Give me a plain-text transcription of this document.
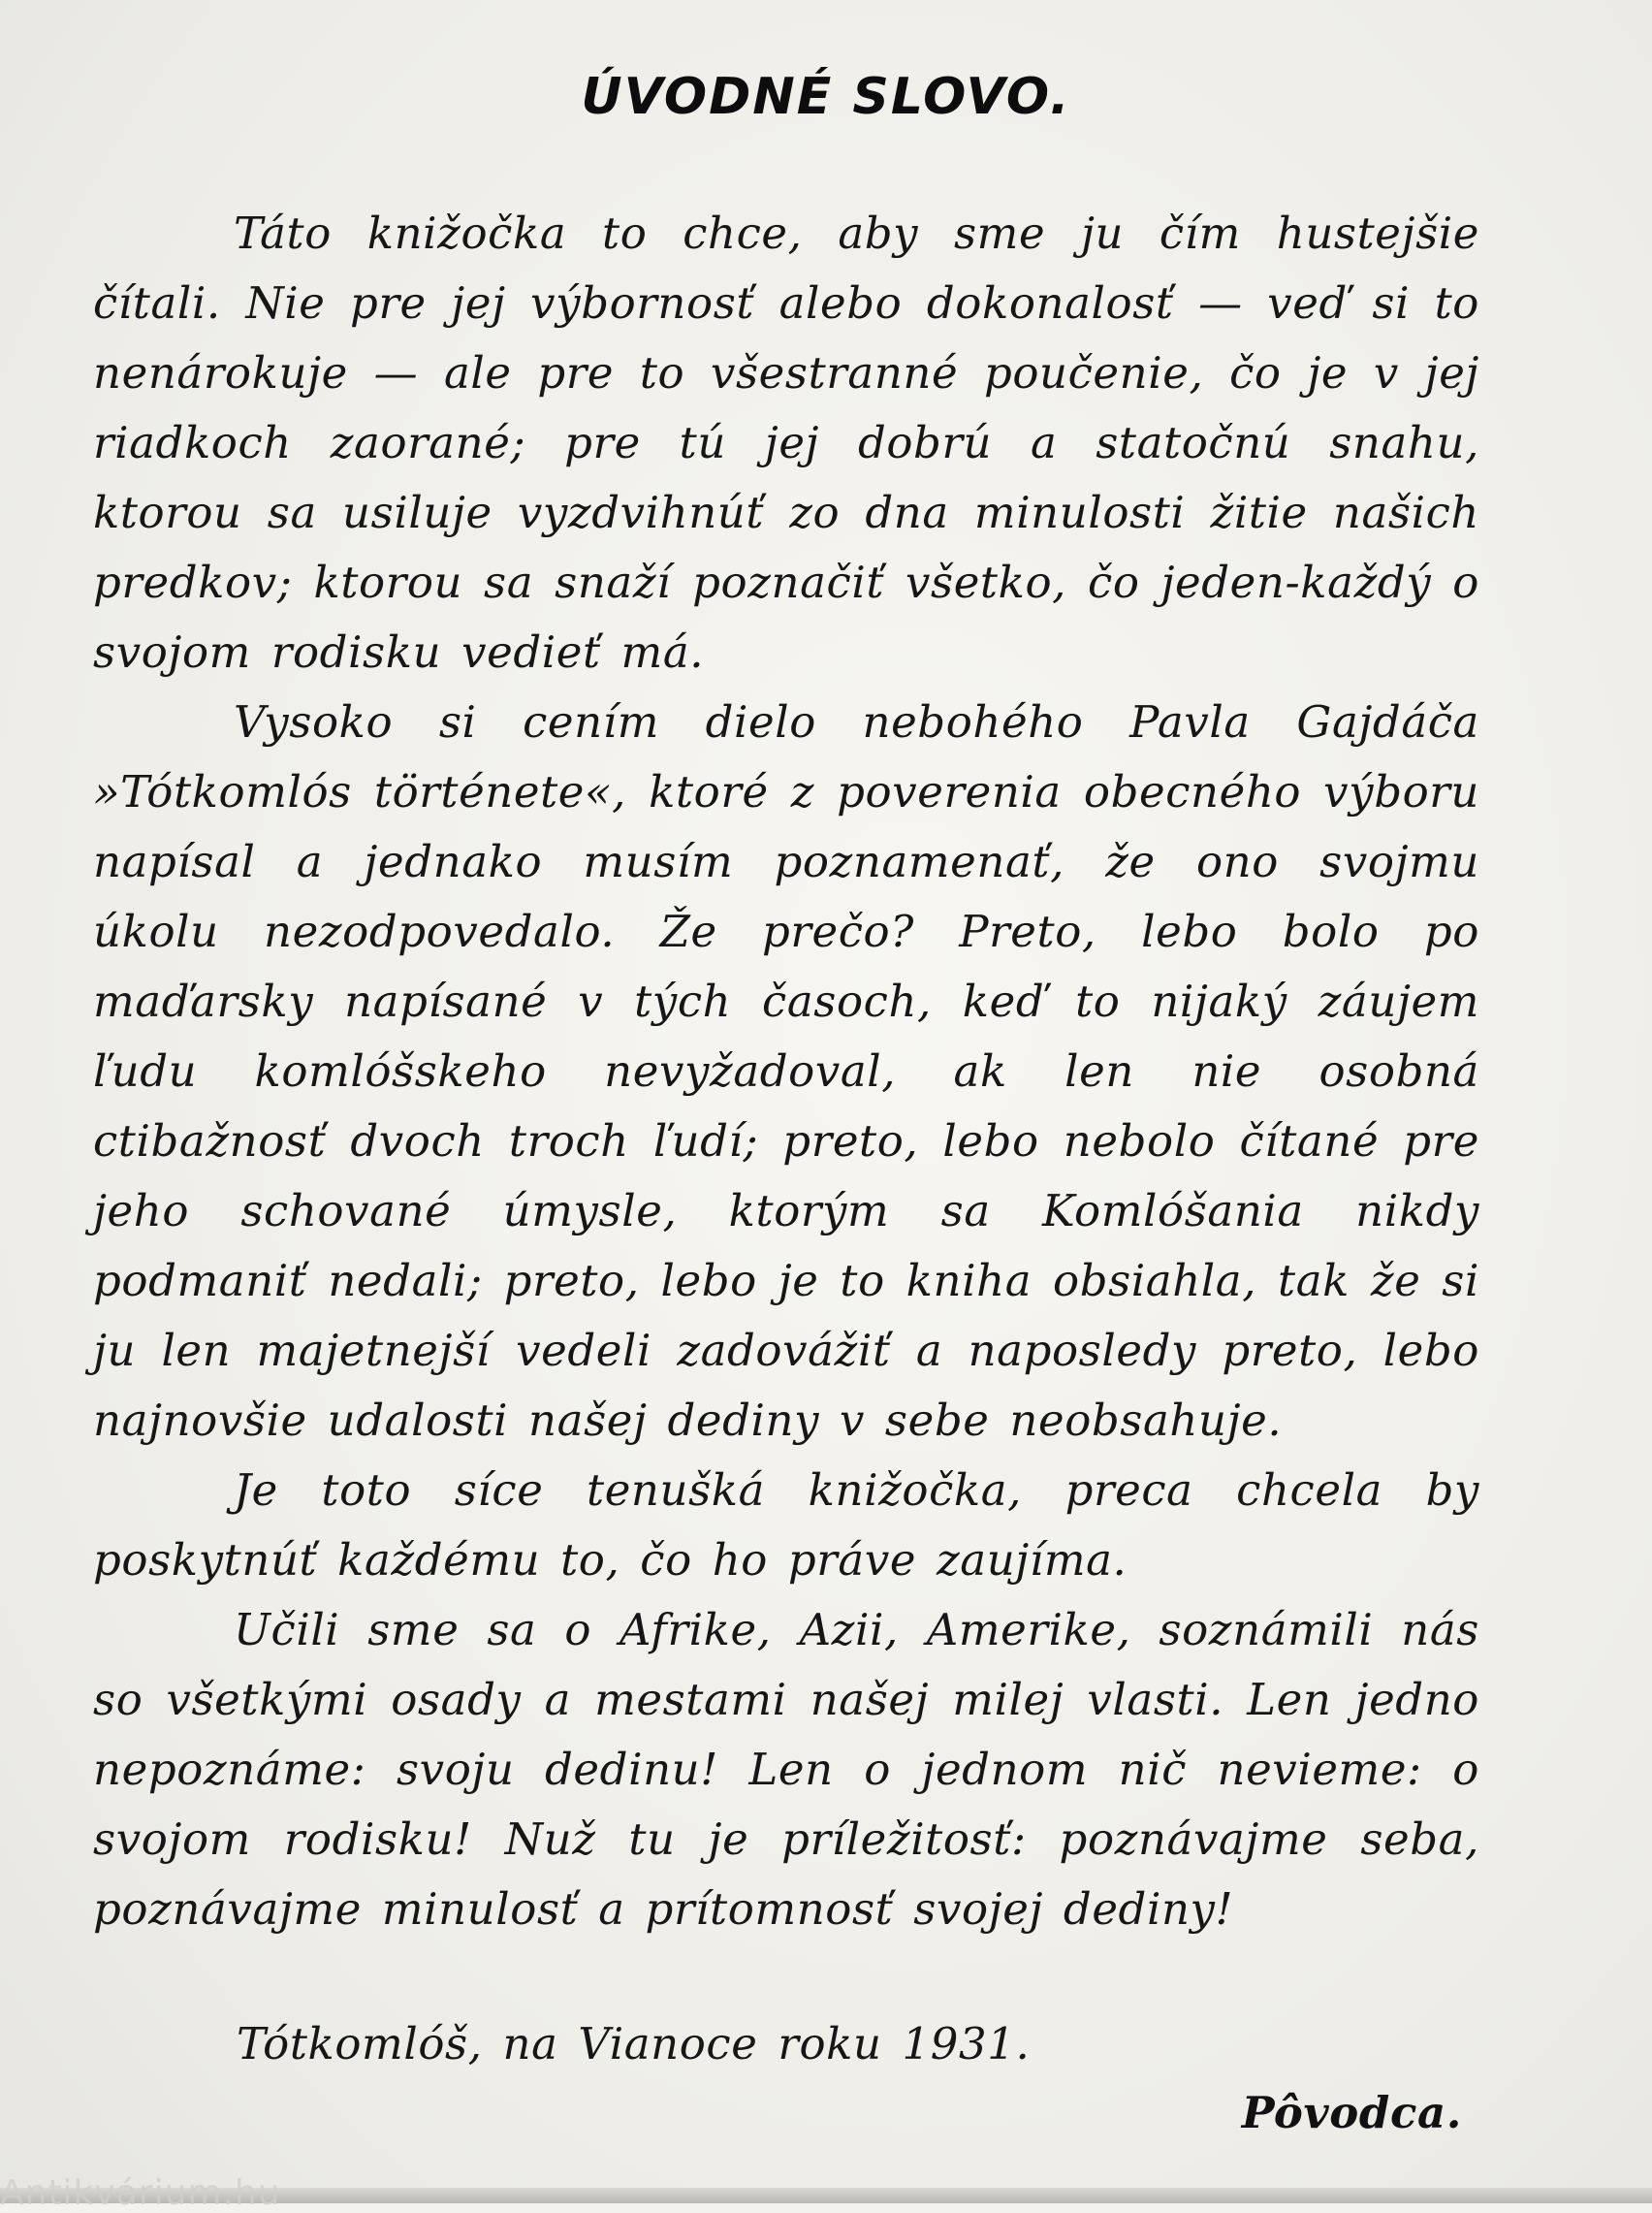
ÚVODNÉ SLOVO.

Táto knižočka to chce, aby sme ju čím hustejšie čítali. Nie pre jej výbornosť alebo dokonalosť — veď si to nenárokuje — ale pre to všestranné poučenie, čo je v jej riadkoch zaorané; pre tú jej dobrú a statočnú snahu, ktorou sa usiluje vyzdvihnúť zo dna minulosti žitie našich predkov; ktorou sa snaží poznačiť všetko, čo jeden-každý o svojom rodisku vedieť má.

Vysoko si cením dielo nebohého Pavla Gajdáča »Tótkomlós története«, ktoré z poverenia obecného výboru napísal a jednako musím poznamenať, že ono svojmu úkolu nezodpovedalo. Že prečo? Preto, lebo bolo po maďarsky napísané v tých časoch, keď to nijaký záujem ľudu komlóšskeho nevyžadoval, ak len nie osobná ctibažnosť dvoch troch ľudí; preto, lebo nebolo čítané pre jeho schované úmysle, ktorým sa Komlóšania nikdy podmaniť nedali; preto, lebo je to kniha obsiahla, tak že si ju len majetnejší vedeli zadovážiť a naposledy preto, lebo najnovšie udalosti našej dediny v sebe neobsahuje.

Je toto síce tenušká knižočka, preca chcela by poskytnúť každému to, čo ho práve zaujíma.

Učili sme sa o Afrike, Azii, Amerike, soznámili nás so všetkými osady a mestami našej milej vlasti. Len jedno nepoznáme: svoju dedinu! Len o jednom nič nevieme: o svojom rodisku! Nuž tu je príležitosť: poznávajme seba, poznávajme minulosť a prítomnosť svojej dediny!

Tótkomlóš, na Vianoce roku 1931.
Pôvodca.
Antikvárium.hu
